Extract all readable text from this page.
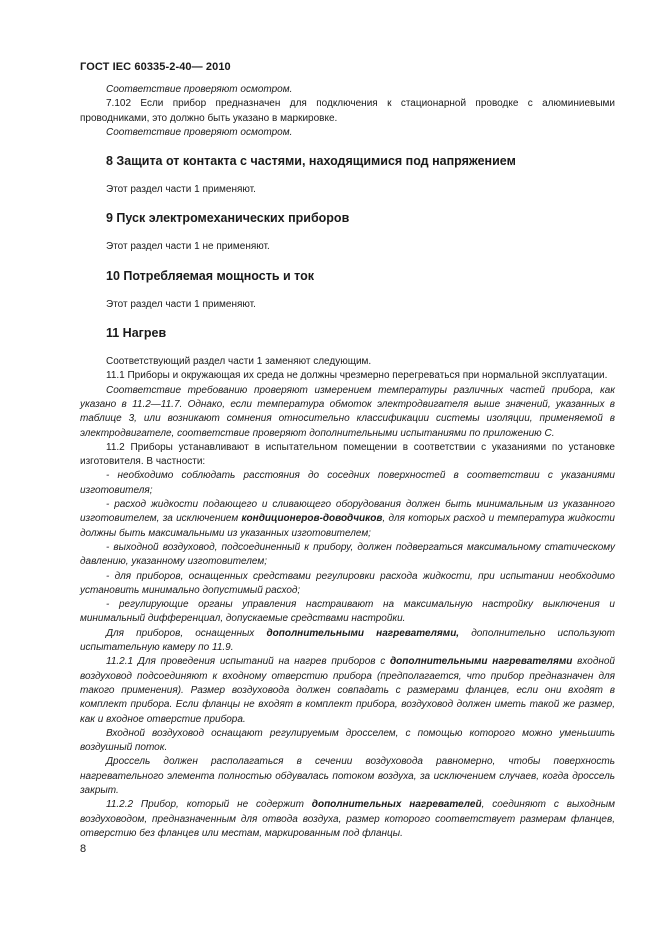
ГОСТ IEC 60335-2-40— 2010

Соответствие проверяют осмотром.

7.102 Если прибор предназначен для подключения к стационарной проводке с алюминиевыми проводниками, это должно быть указано в маркировке.

Соответствие проверяют осмотром.

8 Защита от контакта с частями, находящимися под напряжением

Этот раздел части 1 применяют.

9 Пуск электромеханических приборов

Этот раздел части 1 не применяют.

10 Потребляемая мощность и ток

Этот раздел части 1 применяют.

11 Нагрев

Соответствующий раздел части 1 заменяют следующим.

11.1 Приборы и окружающая их среда не должны чрезмерно перегреваться при нормальной эксплуатации.

Соответствие требованию проверяют измерением температуры различных частей прибора, как указано в 11.2—11.7. Однако, если температура обмоток электродвигателя выше значений, указанных в таблице 3, или возникают сомнения относительно классификации системы изоляции, применяемой в электродвигателе, соответствие проверяют дополнительными испытаниями по приложению С.

11.2 Приборы устанавливают в испытательном помещении в соответствии с указаниями по установке изготовителя. В частности:

- необходимо соблюдать расстояния до соседних поверхностей в соответствии с указаниями изготовителя;

- расход жидкости подающего и сливающего оборудования должен быть минимальным из указанного изготовителем, за исключением кондиционеров-доводчиков, для которых расход и температура жидкости должны быть максимальными из указанных изготовителем;

- выходной воздуховод, подсоединенный к прибору, должен подвергаться максимальному статическому давлению, указанному изготовителем;

- для приборов, оснащенных средствами регулировки расхода жидкости, при испытании необходимо установить минимально допустимый расход;

- регулирующие органы управления настраивают на максимальную настройку выключения и минимальный дифференциал, допускаемые средствами настройки.

Для приборов, оснащенных дополнительными нагревателями, дополнительно используют испытательную камеру по 11.9.

11.2.1 Для проведения испытаний на нагрев приборов с дополнительными нагревателями входной воздуховод подсоединяют к входному отверстию прибора (предполагается, что прибор предназначен для такого применения). Размер воздуховода должен совпадать с размерами фланцев, если они входят в комплект прибора. Если фланцы не входят в комплект прибора, воздуховод должен иметь такой же размер, как и входное отверстие прибора.

Входной воздуховод оснащают регулируемым дросселем, с помощью которого можно уменьшить воздушный поток.

Дроссель должен располагаться в сечении воздуховода равномерно, чтобы поверхность нагревательного элемента полностью обдувалась потоком воздуха, за исключением случаев, когда дроссель закрыт.

11.2.2 Прибор, который не содержит дополнительных нагревателей, соединяют с выходным воздуховодом, предназначенным для отвода воздуха, размер которого соответствует размерам фланцев, отверстию без фланцев или местам, маркированным под фланцы.

8
